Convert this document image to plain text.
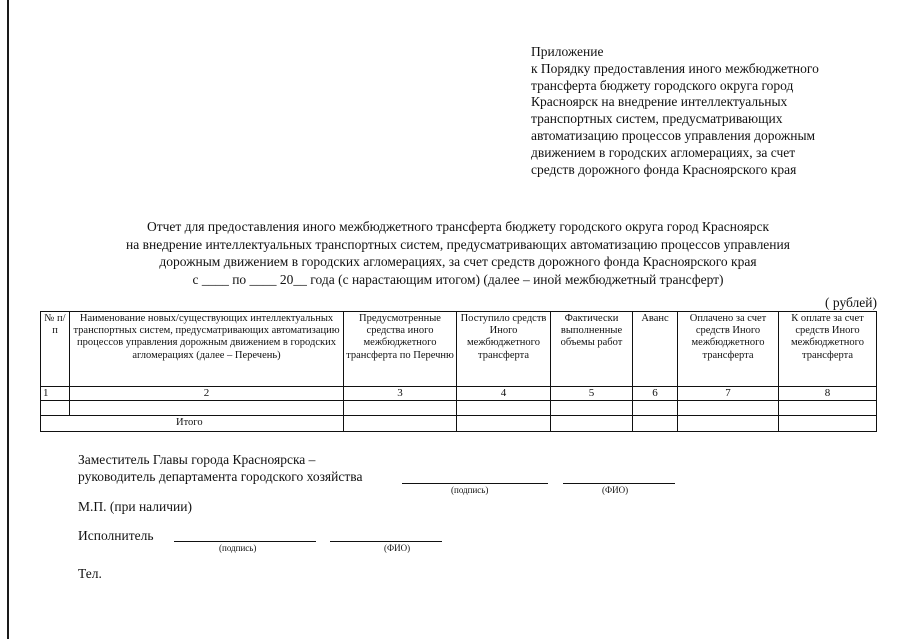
Приложение
к Порядку предоставления иного межбюджетного
трансферта бюджету городского округа город
Красноярск на внедрение интеллектуальных
транспортных систем, предусматривающих
автоматизацию процессов управления дорожным
движением в городских агломерациях, за счет
средств дорожного фонда Красноярского края
Отчет для предоставления иного межбюджетного трансферта бюджету городского округа город Красноярск
на внедрение интеллектуальных транспортных систем, предусматривающих автоматизацию процессов управления
дорожным движением в городских агломерациях, за счет средств дорожного фонда Красноярского края
с ____ по ____ 20__ года (с нарастающим итогом) (далее – иной межбюджетный трансферт)
( рублей)
№ п/п	Наименование новых/существующих интеллектуальных транспортных систем, предусматривающих автоматизацию процессов управления дорожным движением в городских агломерациях (далее – Перечень)	Предусмотренные средства иного межбюджетного трансферта по Перечню	Поступило средств Иного межбюджетного трансферта	Фактически выполненные объемы работ	Аванс	Оплачено за счет средств Иного межбюджетного трансферта	К оплате за счет средств Иного межбюджетного трансферта
1	2	3	4	5	6	7	8

Итого							
Заместитель Главы города Красноярска –
руководитель департамента городского хозяйства
(подпись)	(ФИО)
М.П. (при наличии)
Исполнитель
(подпись)	(ФИО)
Тел.
